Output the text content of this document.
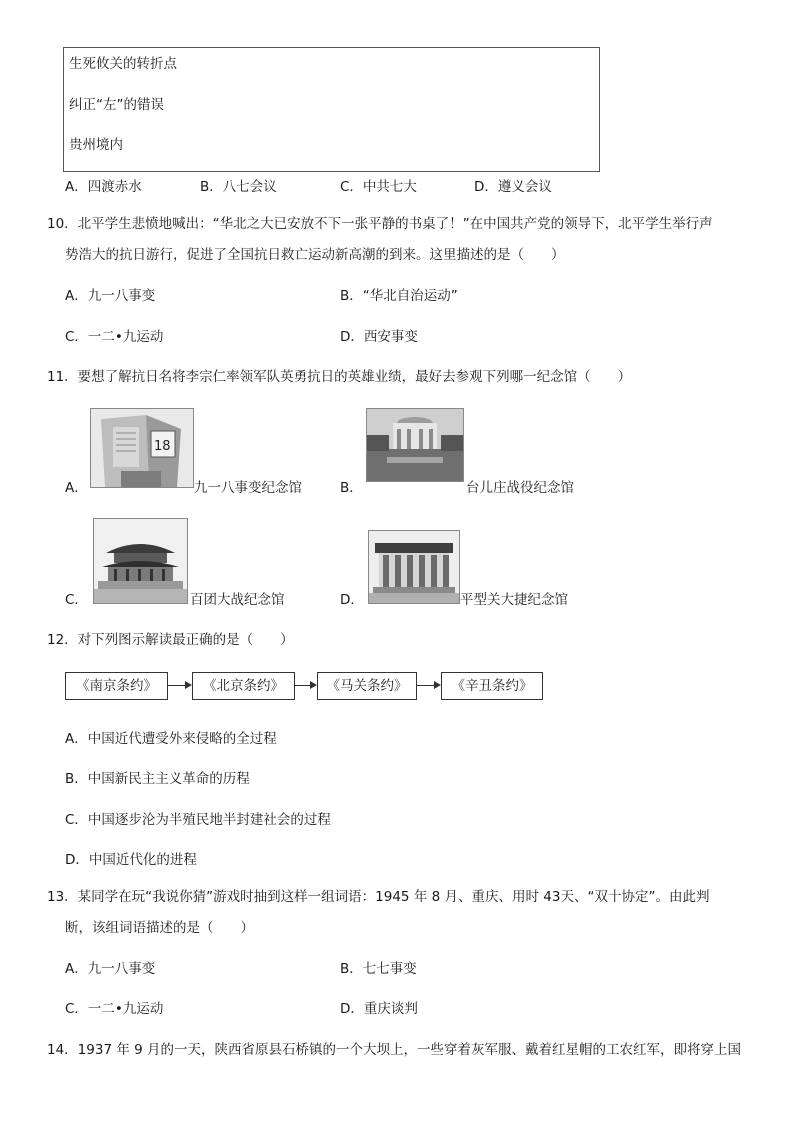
生死攸关的转折点
纠正“左”的错误
贵州境内
A．四渡赤水	B．八七会议	C．中共七大	D．遵义会议
10．北平学生悲愤地喊出：“华北之大已安放不下一张平静的书桌了！”在中国共产党的领导下，北平学生举行声
势浩大的抗日游行，促进了全国抗日救亡运动新高潮的到来。这里描述的是（　　）
A．九一八事变	B．“华北自治运动”
C．一二•九运动	D．西安事变
11．要想了解抗日名将李宗仁率领军队英勇抗日的英雄业绩，最好去参观下列哪一纪念馆（　　）
18
A．	九一八事变纪念馆	B．	台儿庄战役纪念馆
C．	百团大战纪念馆	D．	平型关大捷纪念馆
12．对下列图示解读最正确的是（　　）
《南京条约》	《北京条约》	《马关条约》	《辛丑条约》
A．中国近代遭受外来侵略的全过程
B．中国新民主主义革命的历程
C．中国逐步沦为半殖民地半封建社会的过程
D．中国近代化的进程
13．某同学在玩“我说你猜”游戏时抽到这样一组词语：1945 年 8 月、重庆、用时 43天、“双十协定”。由此判
断，该组词语描述的是（　　）
A．九一八事变	B．七七事变
C．一二•九运动	D．重庆谈判
14．1937 年 9 月的一天，陕西省原县石桥镇的一个大坝上，一些穿着灰军服、戴着红星帽的工农红军，即将穿上国
